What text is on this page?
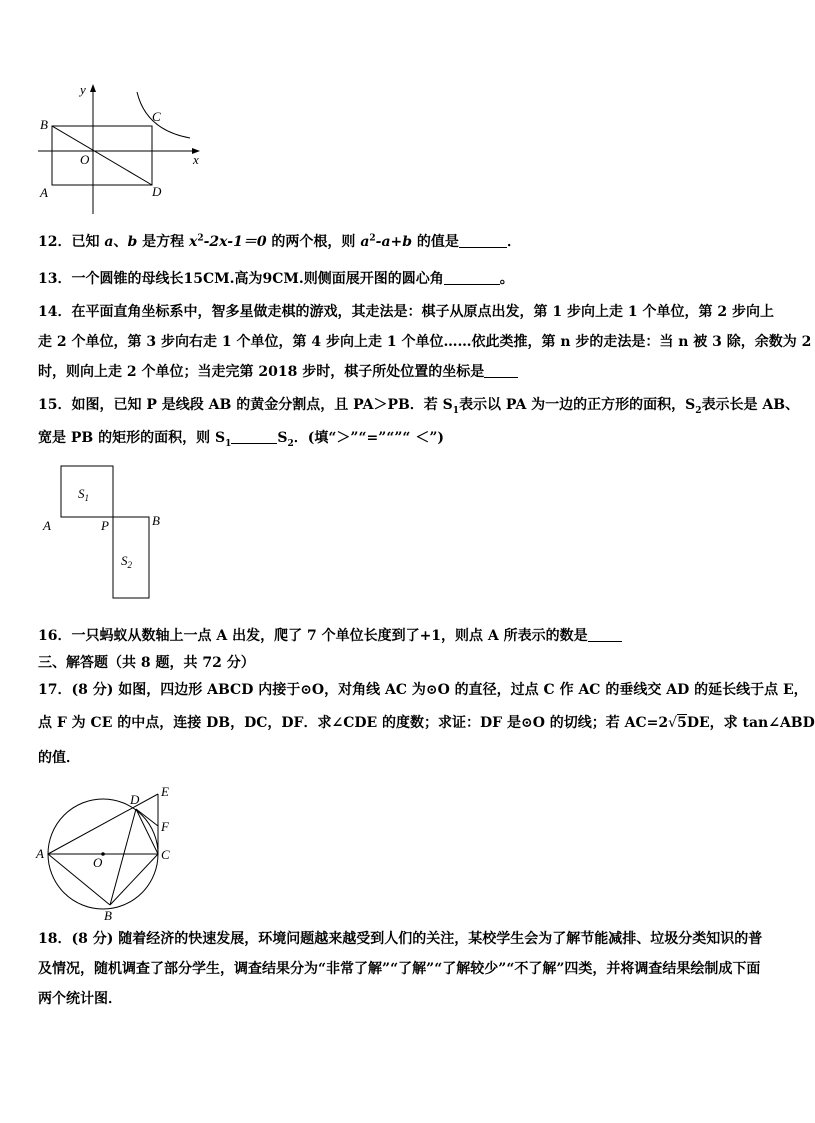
y
x
O
B
A
C
D
12．已知 a、b 是方程 $x^2-2x-1=0$ 的两个根，则 $a^2-a+b$ 的值是	．
13．一个圆锥的母线长15CM.高为9CM.则侧面展开图的圆心角	。
14．在平面直角坐标系中，智多星做走棋的游戏，其走法是：棋子从原点出发，第 1 步向上走 1 个单位，第 2 步向上
走 2 个单位，第 3 步向右走 1 个单位，第 4 步向上走 1 个单位……依此类推，第 n 步的走法是：当 n 被 3 除，余数为 2
时，则向上走 2 个单位；当走完第 2018 步时，棋子所处位置的坐标是
15．如图，已知 P 是线段 AB 的黄金分割点，且 PA＞PB．若 $S_1$表示以 PA 为一边的正方形的面积，$S_2$表示长是 AB、
宽是 PB 的矩形的面积，则 $S_1$	$S_2$．(填“＞”“=”“”“ ＜”)
$S_1$
$S_2$
A	P	B
16．一只蚂蚁从数轴上一点 A 出发，爬了 7 个单位长度到了+1，则点 A 所表示的数是
三、解答题（共 8 题，共 72 分）
17．(8 分) 如图，四边形 ABCD 内接于⊙O，对角线 AC 为⊙O 的直径，过点 C 作 AC 的垂线交 AD 的延长线于点 E，
点 F 为 CE 的中点，连接 DB，DC，DF．求∠CDE 的度数；求证：DF 是⊙O 的切线；若 AC=2√5DE，求 tan∠ABD
的值．
A
B
C
D
E
F
O
18．(8 分) 随着经济的快速发展，环境问题越来越受到人们的关注，某校学生会为了解节能减排、垃圾分类知识的普
及情况，随机调查了部分学生，调查结果分为“非常了解”“了解”“了解较少”“不了解”四类，并将调查结果绘制成下面
两个统计图．
